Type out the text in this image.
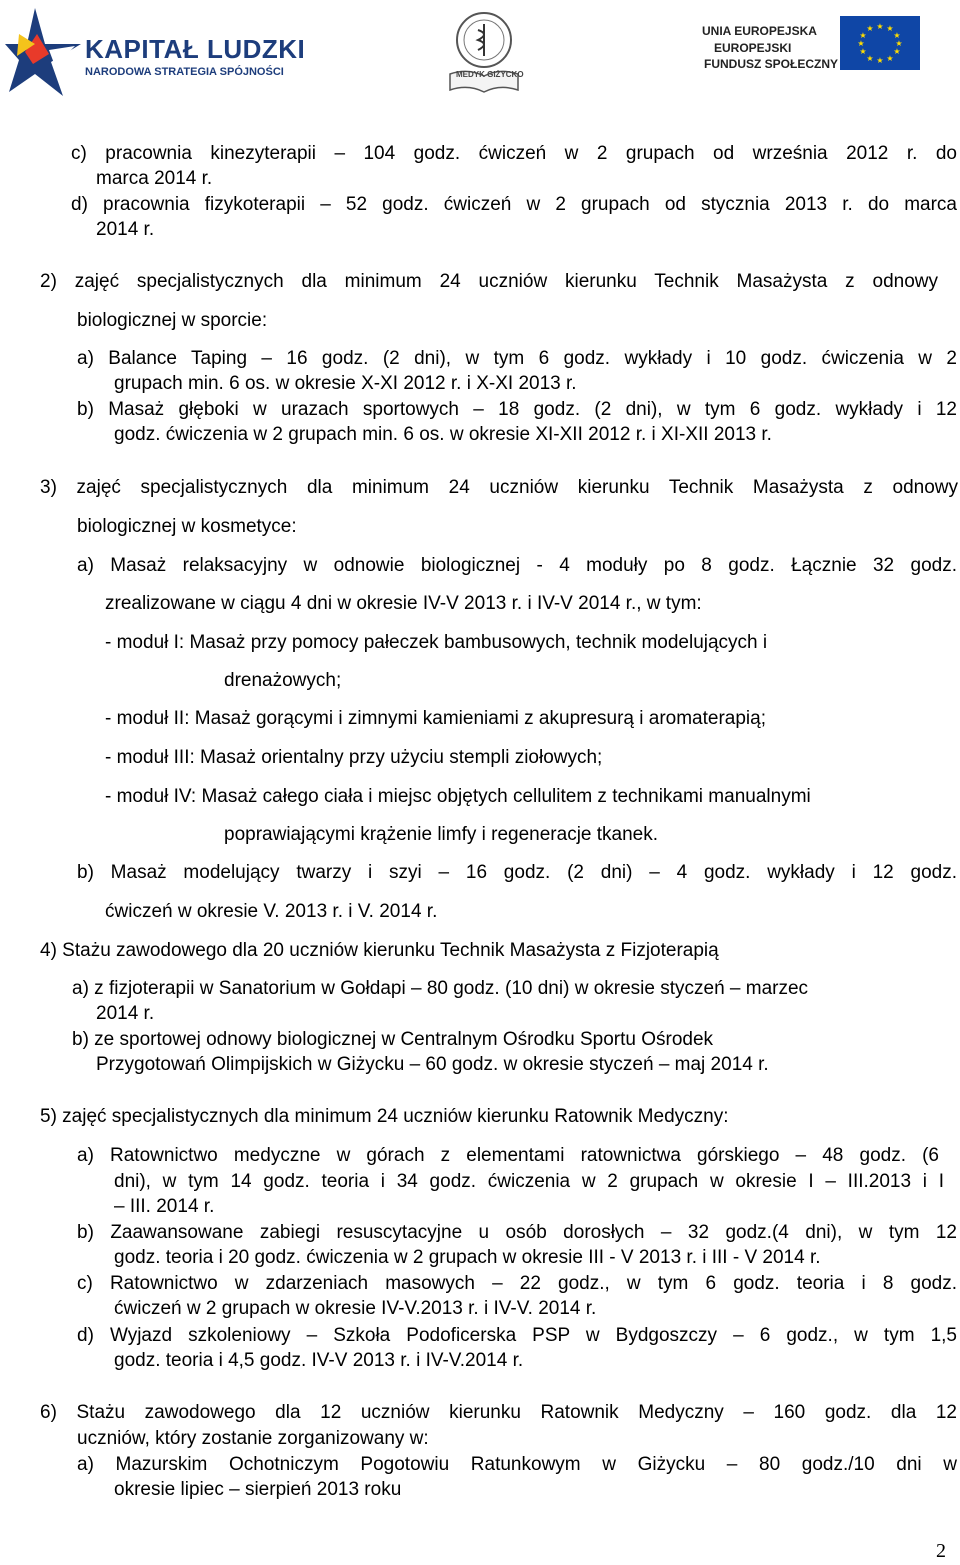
KAPITAŁ LUDZKI
NARODOWA STRATEGIA SPÓJNOŚCI	MEDYK GIŻYCKO
UNIA EUROPEJSKA
EUROPEJSKI
FUNDUSZ SPOŁECZNY
★ ★
★
★
★
★
★
★
★
★
★
★

c) pracownia kinezyterapii – 104 godz. ćwiczeń w 2 grupach od września 2012 r. do

marca 2014 r.

d) pracownia fizykoterapii – 52 godz. ćwiczeń w 2 grupach od stycznia 2013 r. do marca

2014 r.

2) zajęć specjalistycznych dla minimum 24 uczniów kierunku Technik Masażysta z odnowy

biologicznej w sporcie:

a) Balance Taping – 16 godz. (2 dni), w tym 6 godz. wykłady i 10 godz. ćwiczenia w 2

grupach min. 6 os. w okresie X-XI 2012 r. i X-XI 2013 r.

b) Masaż głęboki w urazach sportowych – 18 godz. (2 dni), w tym 6 godz. wykłady i 12

godz. ćwiczenia w 2 grupach min. 6 os. w okresie XI-XII 2012 r. i XI-XII 2013 r.

3) zajęć specjalistycznych dla minimum 24 uczniów kierunku Technik Masażysta z odnowy

biologicznej w kosmetyce:

a) Masaż relaksacyjny w odnowie biologicznej - 4 moduły po 8 godz. Łącznie 32 godz.

zrealizowane w ciągu 4 dni w okresie IV-V 2013 r. i IV-V 2014 r., w tym:

- moduł I: Masaż przy pomocy pałeczek bambusowych, technik modelujących i

drenażowych;

- moduł II: Masaż gorącymi i zimnymi kamieniami z akupresurą i aromaterapią;

- moduł III: Masaż orientalny przy użyciu stempli ziołowych;

- moduł IV: Masaż całego ciała i miejsc objętych cellulitem z technikami manualnymi

poprawiającymi krążenie limfy i regeneracje tkanek.

b) Masaż modelujący twarzy i szyi – 16 godz. (2 dni) – 4 godz. wykłady i 12 godz.

ćwiczeń w okresie V. 2013 r. i V. 2014 r.

4) Stażu zawodowego dla 20 uczniów kierunku Technik Masażysta z Fizjoterapią

a) z fizjoterapii w Sanatorium w Gołdapi – 80 godz. (10 dni) w okresie styczeń – marzec

2014 r.

b) ze sportowej odnowy biologicznej w Centralnym Ośrodku Sportu Ośrodek

Przygotowań Olimpijskich w Giżycku – 60 godz. w okresie styczeń – maj 2014 r.

5) zajęć specjalistycznych dla minimum 24 uczniów kierunku Ratownik Medyczny:

a) Ratownictwo medyczne w górach z elementami ratownictwa górskiego – 48 godz. (6

dni), w tym 14 godz. teoria i 34 godz. ćwiczenia w 2 grupach w okresie I – III.2013 i I

– III. 2014 r.

b) Zaawansowane zabiegi resuscytacyjne u osób dorosłych – 32 godz.(4 dni), w tym 12

godz. teoria i 20 godz. ćwiczenia w 2 grupach w okresie III - V 2013 r. i III - V 2014 r.

c) Ratownictwo w zdarzeniach masowych – 22 godz., w tym 6 godz. teoria i 8 godz.

ćwiczeń w 2 grupach w okresie IV-V.2013 r. i IV-V. 2014 r.

d) Wyjazd szkoleniowy – Szkoła Podoficerska PSP w Bydgoszczy – 6 godz., w tym 1,5

godz. teoria i 4,5 godz. IV-V 2013 r. i IV-V.2014 r.

6) Stażu zawodowego dla 12 uczniów kierunku Ratownik Medyczny – 160 godz. dla 12

uczniów, który zostanie zorganizowany w:

a) Mazurskim Ochotniczym Pogotowiu Ratunkowym w Giżycku – 80 godz./10 dni w

okresie lipiec – sierpień 2013 roku

2
